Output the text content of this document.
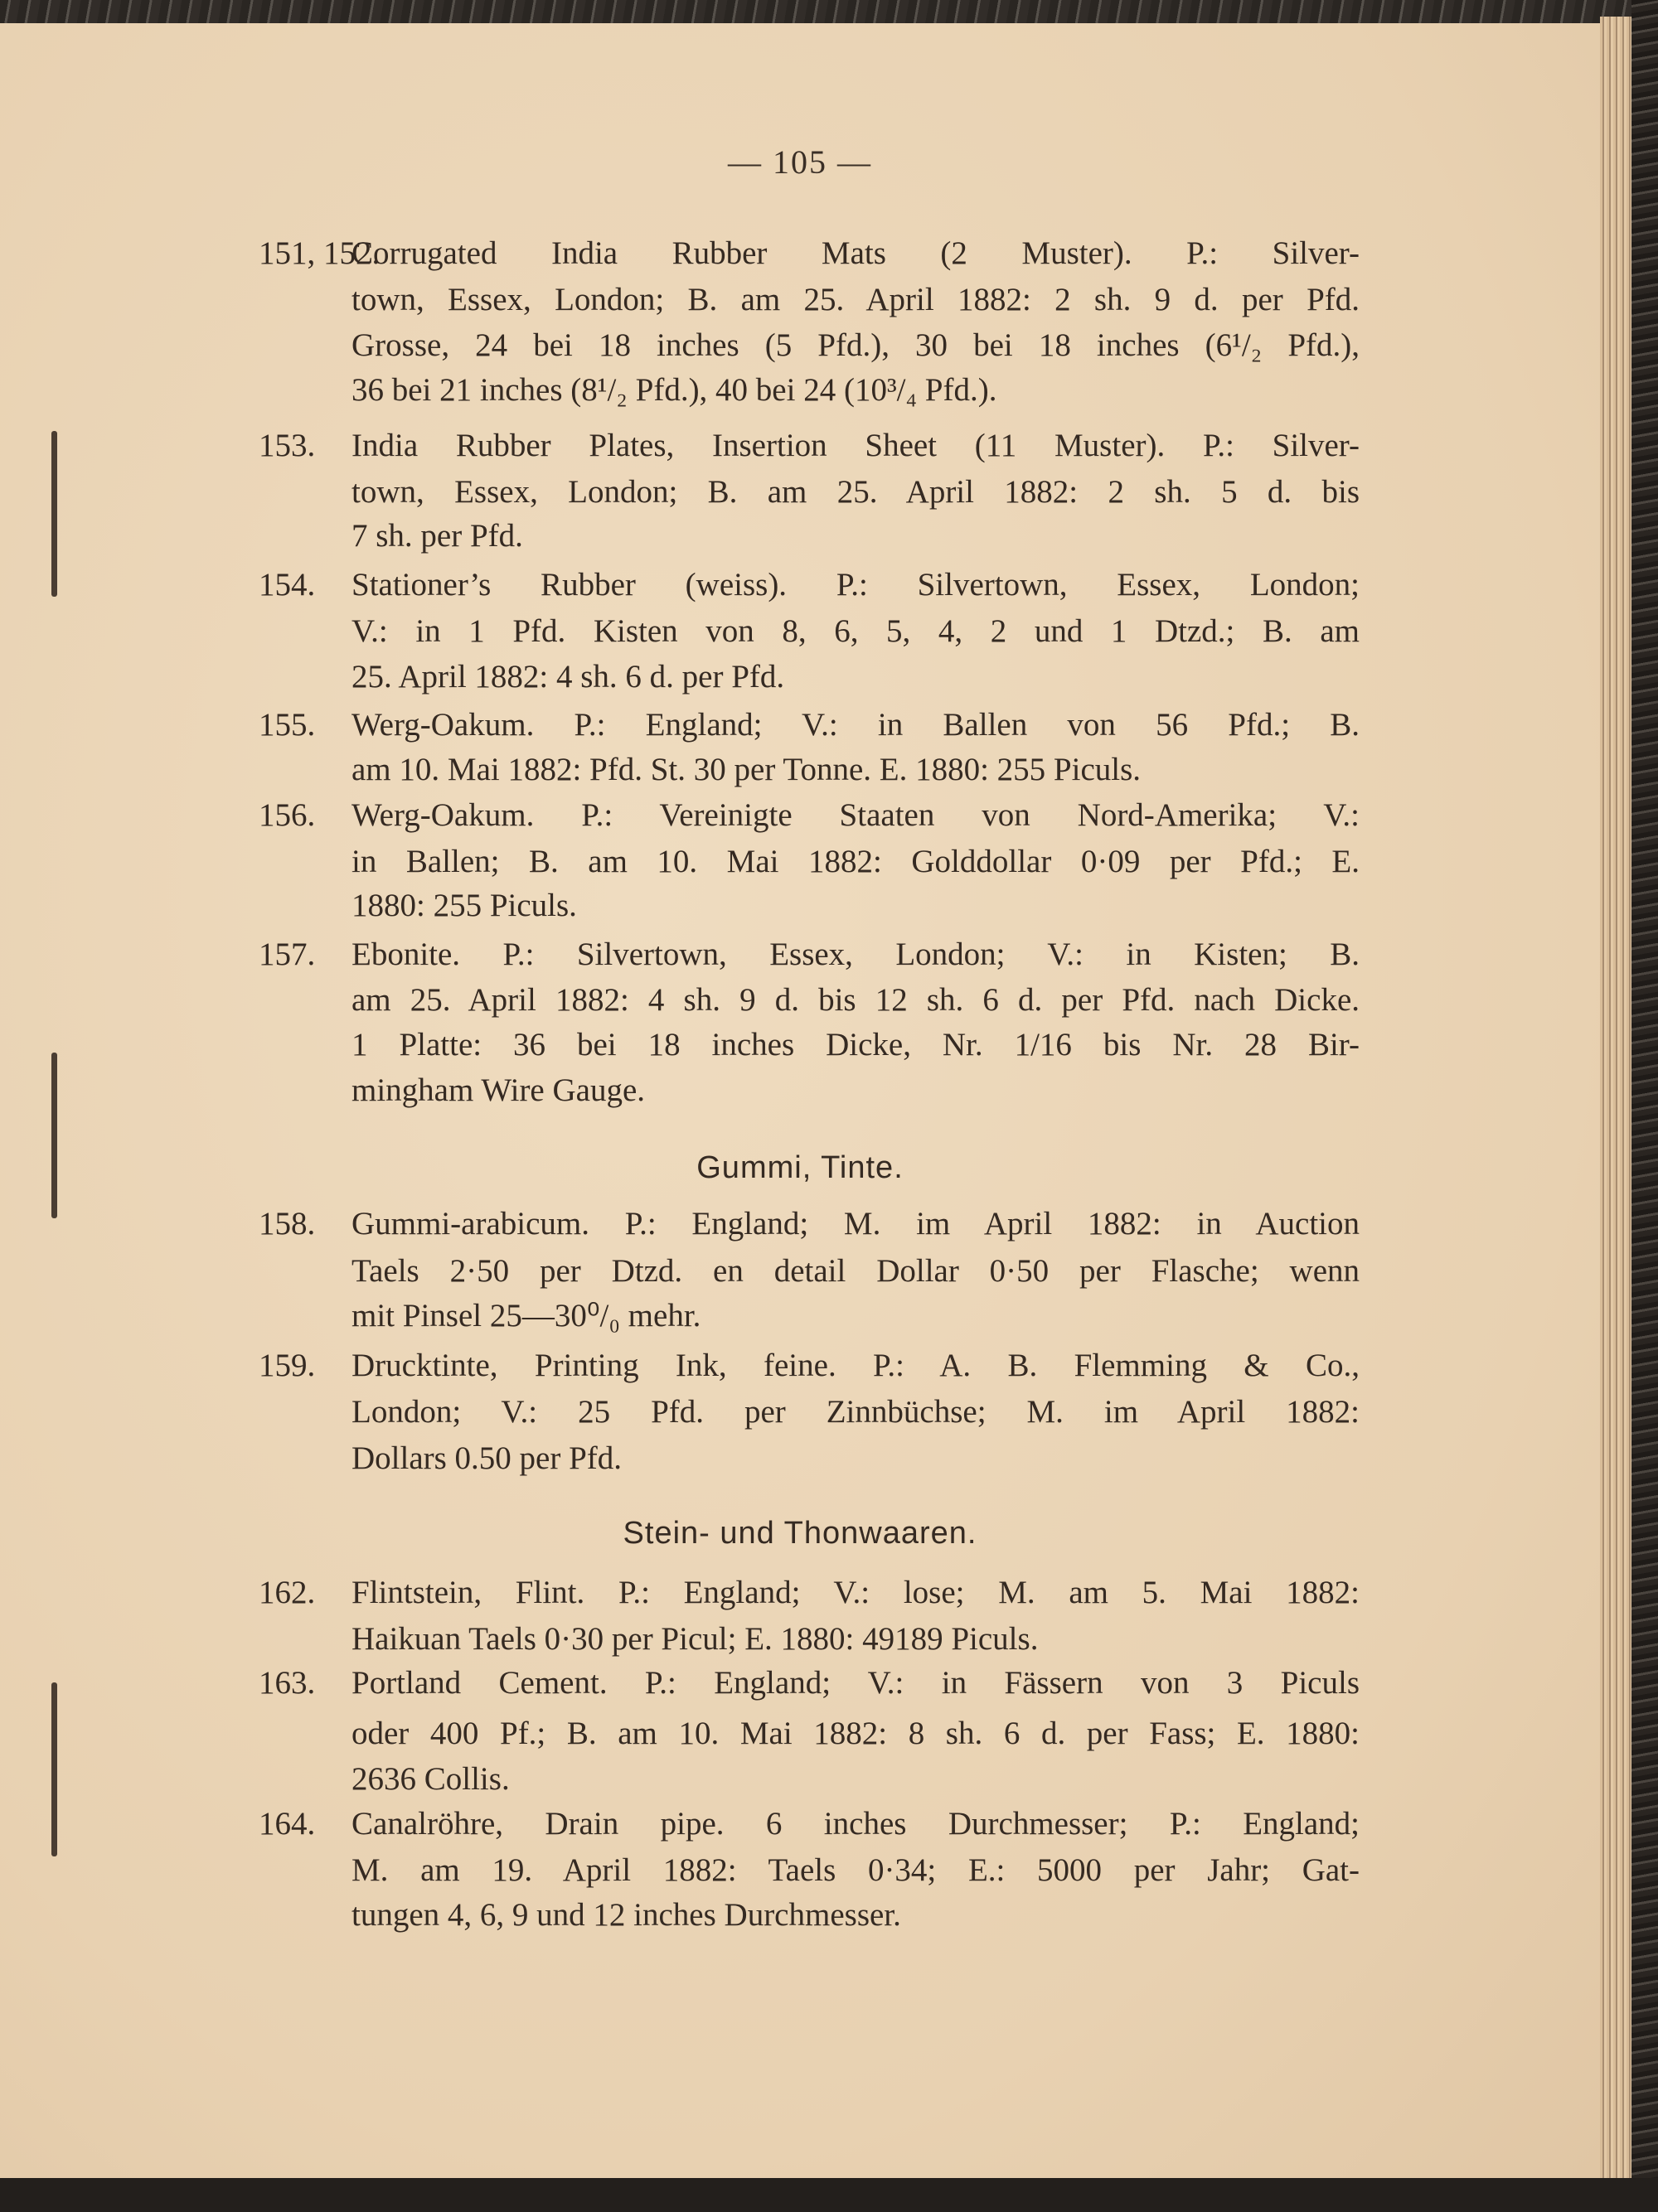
— 105 —
151, 152.
Corrugated India Rubber Mats (2 Muster). P.: Silver-
town, Essex, London; B. am 25. April 1882: 2 sh. 9 d. per Pfd.
Grosse, 24 bei 18 inches (5 Pfd.), 30 bei 18 inches (6¹/₂ Pfd.),
36 bei 21 inches (8¹/₂ Pfd.), 40 bei 24 (10³/₄ Pfd.).
153. India Rubber Plates, Insertion Sheet (11 Muster). P.: Silver-
town, Essex, London; B. am 25. April 1882: 2 sh. 5 d. bis
7 sh. per Pfd.
154. Stationer’s Rubber (weiss). P.: Silvertown, Essex, London;
V.: in 1 Pfd. Kisten von 8, 6, 5, 4, 2 und 1 Dtzd.; B. am
25. April 1882: 4 sh. 6 d. per Pfd.
155. Werg-Oakum. P.: England; V.: in Ballen von 56 Pfd.; B.
am 10. Mai 1882: Pfd. St. 30 per Tonne. E. 1880: 255 Piculs.
156. Werg-Oakum. P.: Vereinigte Staaten von Nord-Amerika; V.:
in Ballen; B. am 10. Mai 1882: Golddollar 0·09 per Pfd.; E.
1880: 255 Piculs.
157. Ebonite. P.: Silvertown, Essex, London; V.: in Kisten; B.
am 25. April 1882: 4 sh. 9 d. bis 12 sh. 6 d. per Pfd. nach Dicke.
1 Platte: 36 bei 18 inches Dicke, Nr. 1/16 bis Nr. 28 Bir-
mingham Wire Gauge.
Gummi, Tinte.
158. Gummi-arabicum. P.: England; M. im April 1882: in Auction
Taels 2·50 per Dtzd. en detail Dollar 0·50 per Flasche; wenn
mit Pinsel 25—30⁰/₀ mehr.
159. Drucktinte, Printing Ink, feine. P.: A. B. Flemming & Co.,
London; V.: 25 Pfd. per Zinnbüchse; M. im April 1882:
Dollars 0.50 per Pfd.
Stein- und Thonwaaren.
162. Flintstein, Flint. P.: England; V.: lose; M. am 5. Mai 1882:
Haikuan Taels 0·30 per Picul; E. 1880: 49189 Piculs.
163. Portland Cement. P.: England; V.: in Fässern von 3 Piculs
oder 400 Pf.; B. am 10. Mai 1882: 8 sh. 6 d. per Fass; E. 1880:
2636 Collis.
164. Canalröhre, Drain pipe. 6 inches Durchmesser; P.: England;
M. am 19. April 1882: Taels 0·34; E.: 5000 per Jahr; Gat-
tungen 4, 6, 9 und 12 inches Durchmesser.
